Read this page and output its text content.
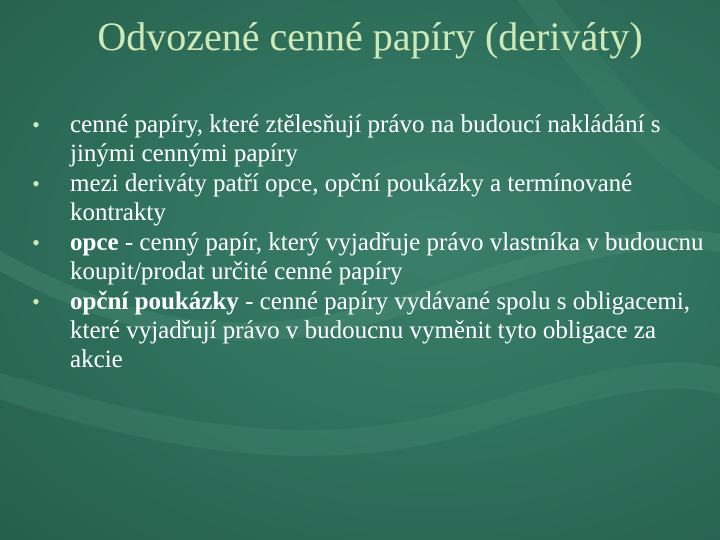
Odvozené cenné papíry (deriváty)
• cenné papíry, které ztělesňují právo na budoucí nakládání s jinými cennými papíry
• mezi deriváty patří opce, opční poukázky a termínované kontrakty
• opce - cenný papír, který vyjadřuje právo vlastníka v budoucnu koupit/prodat určité cenné papíry
• opční poukázky - cenné papíry vydávané spolu s obligacemi, které vyjadřují právo v budoucnu vyměnit tyto obligace za akcie
